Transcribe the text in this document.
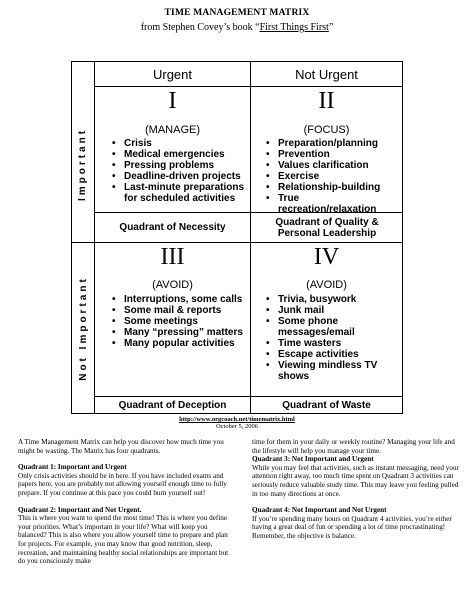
TIME MANAGEMENT MATRIX
from Stephen Covey’s book “First Things First”
Urgent	Not Urgent
Important
Not Important
I
(MANAGE)
• Crisis
• Medical emergencies
• Pressing problems
• Deadline-driven projects
• Last-minute preparations for scheduled activities
Quadrant of Necessity
II
(FOCUS)
• Preparation/planning
• Prevention
• Values clarification
• Exercise
• Relationship-building
• True recreation/relaxation
Quadrant of Quality & Personal Leadership
III
(AVOID)
• Interruptions, some calls
• Some mail & reports
• Some meetings
• Many “pressing” matters
• Many popular activities
Quadrant of Deception
IV
(AVOID)
• Trivia, busywork
• Junk mail
• Some phone messages/email
• Time wasters
• Escape activities
• Viewing mindless TV shows
Quadrant of Waste
http://www.orgcoach.net/timematrix.html
October 5, 2006

A Time Management Matrix can help you discover how much time you might be wasting. The Matrix has four quadrants.

Quadrant 1: Important and Urgent
Only crisis activities should be in here. If you have included exams and papers here, you are probably not allowing yourself enough time to fully prepare. If you continue at this pace you could burn yourself out!

Quadrant 2: Important and Not Urgent.
This is where you want to spend the most time! This is where you define your priorities. What’s important in your life? What will keep you balanced? This is also where you allow yourself time to prepare and plan for projects. For example, you may know that good nutrition, sleep, recreation, and maintaining healthy social relationships are important but do you consciously make

time for them in your daily or weekly routine? Managing your life and the lifestyle will help you manage your time.

Quadrant 3: Not Important and Urgent
While you may feel that activities, such as instant messaging, need your attention right away, too much time spent on Quadrant 3 activities can seriously reduce valuable study time. This may leave you feeling pulled in too many directions at once.

Quadrant 4: Not Important and Not Urgent
If you’re spending many hours on Quadrant 4 activities, you’re either having a great deal of fun or spending a lot of time procrastinating! Remember, the objective is balance.
